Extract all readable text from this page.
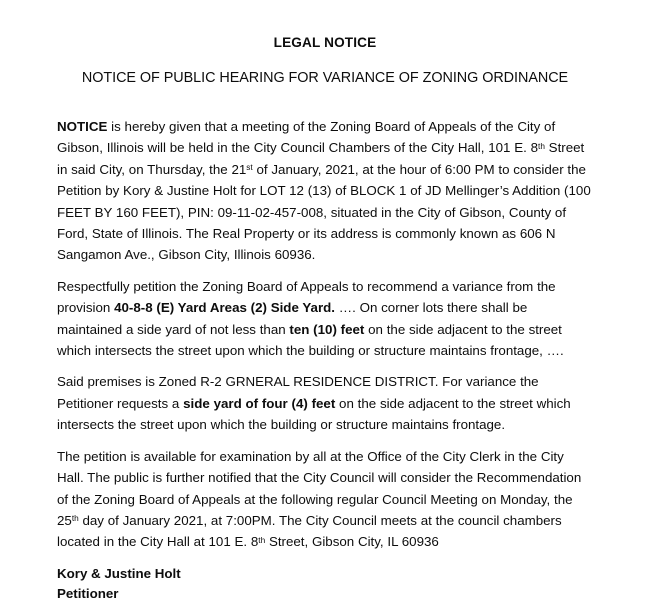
LEGAL NOTICE
NOTICE OF PUBLIC HEARING FOR VARIANCE OF ZONING ORDINANCE

NOTICE is hereby given that a meeting of the Zoning Board of Appeals of the City of Gibson, Illinois will be held in the City Council Chambers of the City Hall, 101 E. 8th Street in said City, on Thursday, the 21st of January, 2021, at the hour of 6:00 PM to consider the Petition by Kory & Justine Holt for LOT 12 (13) of BLOCK 1 of JD Mellinger’s Addition (100 FEET BY 160 FEET), PIN: 09-11-02-457-008, situated in the City of Gibson, County of Ford, State of Illinois. The Real Property or its address is commonly known as 606 N Sangamon Ave., Gibson City, Illinois 60936.

Respectfully petition the Zoning Board of Appeals to recommend a variance from the provision 40-8-8 (E) Yard Areas (2) Side Yard. …. On corner lots there shall be maintained a side yard of not less than ten (10) feet on the side adjacent to the street which intersects the street upon which the building or structure maintains frontage, ….

Said premises is Zoned R-2 GRNERAL RESIDENCE DISTRICT. For variance the Petitioner requests a side yard of four (4) feet on the side adjacent to the street which intersects the street upon which the building or structure maintains frontage.

The petition is available for examination by all at the Office of the City Clerk in the City Hall. The public is further notified that the City Council will consider the Recommendation of the Zoning Board of Appeals at the following regular Council Meeting on Monday, the 25th day of January 2021, at 7:00PM. The City Council meets at the council chambers located in the City Hall at 101 E. 8th Street, Gibson City, IL 60936

Kory & Justine Holt

Petitioner
